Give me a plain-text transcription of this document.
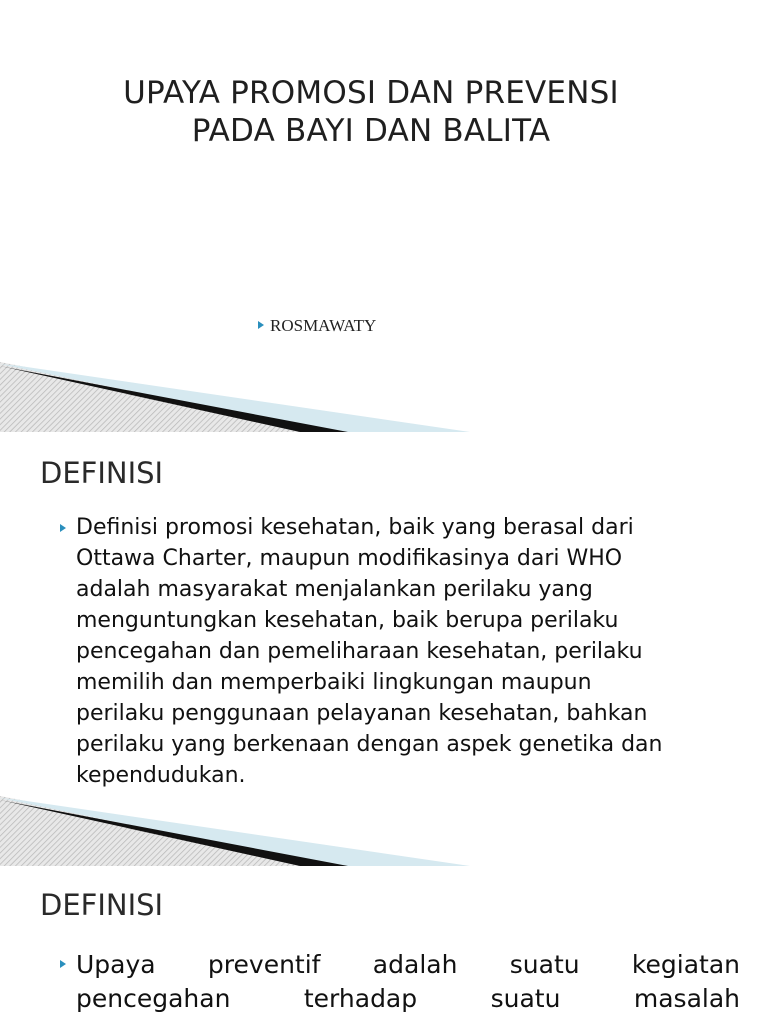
UPAYA PROMOSI DAN PREVENSI
PADA BAYI DAN BALITA
ROSMAWATY
DEFINISI
Definisi promosi kesehatan, baik yang berasal dari
Ottawa Charter, maupun modifikasinya dari WHO
adalah masyarakat menjalankan perilaku yang
menguntungkan kesehatan, baik berupa perilaku
pencegahan dan pemeliharaan kesehatan, perilaku
memilih dan memperbaiki lingkungan maupun
perilaku penggunaan pelayanan kesehatan, bahkan
perilaku yang berkenaan dengan aspek genetika dan
kependudukan.
DEFINISI
Upaya preventif adalah suatu kegiatan
pencegahan terhadap suatu masalah
